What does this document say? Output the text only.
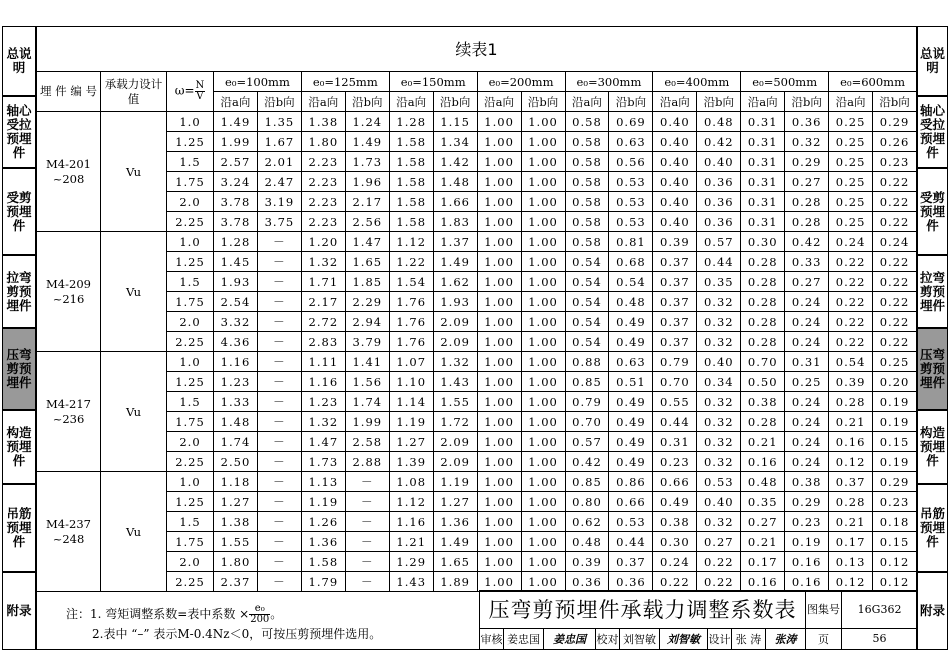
总说明
轴心受拉预埋件
受剪预埋件
拉弯剪预埋件
压弯剪预埋件
构造预埋件
吊筋预埋件
附录
总说明
轴心受拉预埋件
受剪预埋件
拉弯剪预埋件
压弯剪预埋件
构造预埋件
吊筋预埋件
附录
续表1
埋 件 编 号	承载力设计值	$\omega= \frac{N}{V}$	e₀=100mm		e₀=125mm		e₀=150mm		e₀=200mm		e₀=300mm		e₀=400mm		e₀=500mm		e₀=600mm	
			沿a向	沿b向	沿a向	沿b向	沿a向	沿b向	沿a向	沿b向	沿a向	沿b向	沿a向	沿b向	沿a向	沿b向	沿a向	沿b向
M4-201 ~208	Vu	1.0	1.49	1.35	1.38	1.24	1.28	1.15	1.00	1.00	0.58	0.69	0.40	0.48	0.31	0.36	0.25	0.29
		1.25	1.99	1.67	1.80	1.49	1.58	1.34	1.00	1.00	0.58	0.63	0.40	0.42	0.31	0.32	0.25	0.26
		1.5	2.57	2.01	2.23	1.73	1.58	1.42	1.00	1.00	0.58	0.56	0.40	0.40	0.31	0.29	0.25	0.23
		1.75	3.24	2.47	2.23	1.96	1.58	1.48	1.00	1.00	0.58	0.53	0.40	0.36	0.31	0.27	0.25	0.22
		2.0	3.78	3.19	2.23	2.17	1.58	1.66	1.00	1.00	0.58	0.53	0.40	0.36	0.31	0.28	0.25	0.22
		2.25	3.78	3.75	2.23	2.56	1.58	1.83	1.00	1.00	0.58	0.53	0.40	0.36	0.31	0.28	0.25	0.22
M4-209 ~216	Vu	1.0	1.28	－	1.20	1.47	1.12	1.37	1.00	1.00	0.58	0.81	0.39	0.57	0.30	0.42	0.24	0.24
		1.25	1.45	－	1.32	1.65	1.22	1.49	1.00	1.00	0.54	0.68	0.37	0.44	0.28	0.33	0.22	0.22
		1.5	1.93	－	1.71	1.85	1.54	1.62	1.00	1.00	0.54	0.54	0.37	0.35	0.28	0.27	0.22	0.22
		1.75	2.54	－	2.17	2.29	1.76	1.93	1.00	1.00	0.54	0.48	0.37	0.32	0.28	0.24	0.22	0.22
		2.0	3.32	－	2.72	2.94	1.76	2.09	1.00	1.00	0.54	0.49	0.37	0.32	0.28	0.24	0.22	0.22
		2.25	4.36	－	2.83	3.79	1.76	2.09	1.00	1.00	0.54	0.49	0.37	0.32	0.28	0.24	0.22	0.22
M4-217 ~236	Vu	1.0	1.16	－	1.11	1.41	1.07	1.32	1.00	1.00	0.88	0.63	0.79	0.40	0.70	0.31	0.54	0.25
		1.25	1.23	－	1.16	1.56	1.10	1.43	1.00	1.00	0.85	0.51	0.70	0.34	0.50	0.25	0.39	0.20
		1.5	1.33	－	1.23	1.74	1.14	1.55	1.00	1.00	0.79	0.49	0.55	0.32	0.38	0.24	0.28	0.19
		1.75	1.48	－	1.32	1.99	1.19	1.72	1.00	1.00	0.70	0.49	0.44	0.32	0.28	0.24	0.21	0.19
		2.0	1.74	－	1.47	2.58	1.27	2.09	1.00	1.00	0.57	0.49	0.31	0.32	0.21	0.24	0.16	0.15
		2.25	2.50	－	1.73	2.88	1.39	2.09	1.00	1.00	0.42	0.49	0.23	0.32	0.16	0.24	0.12	0.19
M4-237 ~248	Vu	1.0	1.18	－	1.13	－	1.08	1.19	1.00	1.00	0.85	0.86	0.66	0.53	0.48	0.38	0.37	0.29
		1.25	1.27	－	1.19	－	1.12	1.27	1.00	1.00	0.80	0.66	0.49	0.40	0.35	0.29	0.28	0.23
		1.5	1.38	－	1.26	－	1.16	1.36	1.00	1.00	0.62	0.53	0.38	0.32	0.27	0.23	0.21	0.18
		1.75	1.55	－	1.36	－	1.21	1.49	1.00	1.00	0.48	0.44	0.30	0.27	0.21	0.19	0.17	0.15
		2.0	1.80	－	1.58	－	1.29	1.65	1.00	1.00	0.39	0.37	0.24	0.22	0.17	0.16	0.13	0.12
		2.25	2.37	－	1.79	－	1.43	1.89	1.00	1.00	0.36	0.36	0.22	0.22	0.16	0.16	0.12	0.12
注：1. 弯矩调整系数=表中系数 × $\frac{\text{e₀}}{200}$ 。
2.表中 “–” 表示M-0.4Nz＜0，可按压剪预埋件选用。
压弯剪预埋件承载力调整系数表									图集号	16G362
审核	姜忠国	姜忠国	校对	刘智敏	刘智敏	设计	张 涛	张涛	页	56
